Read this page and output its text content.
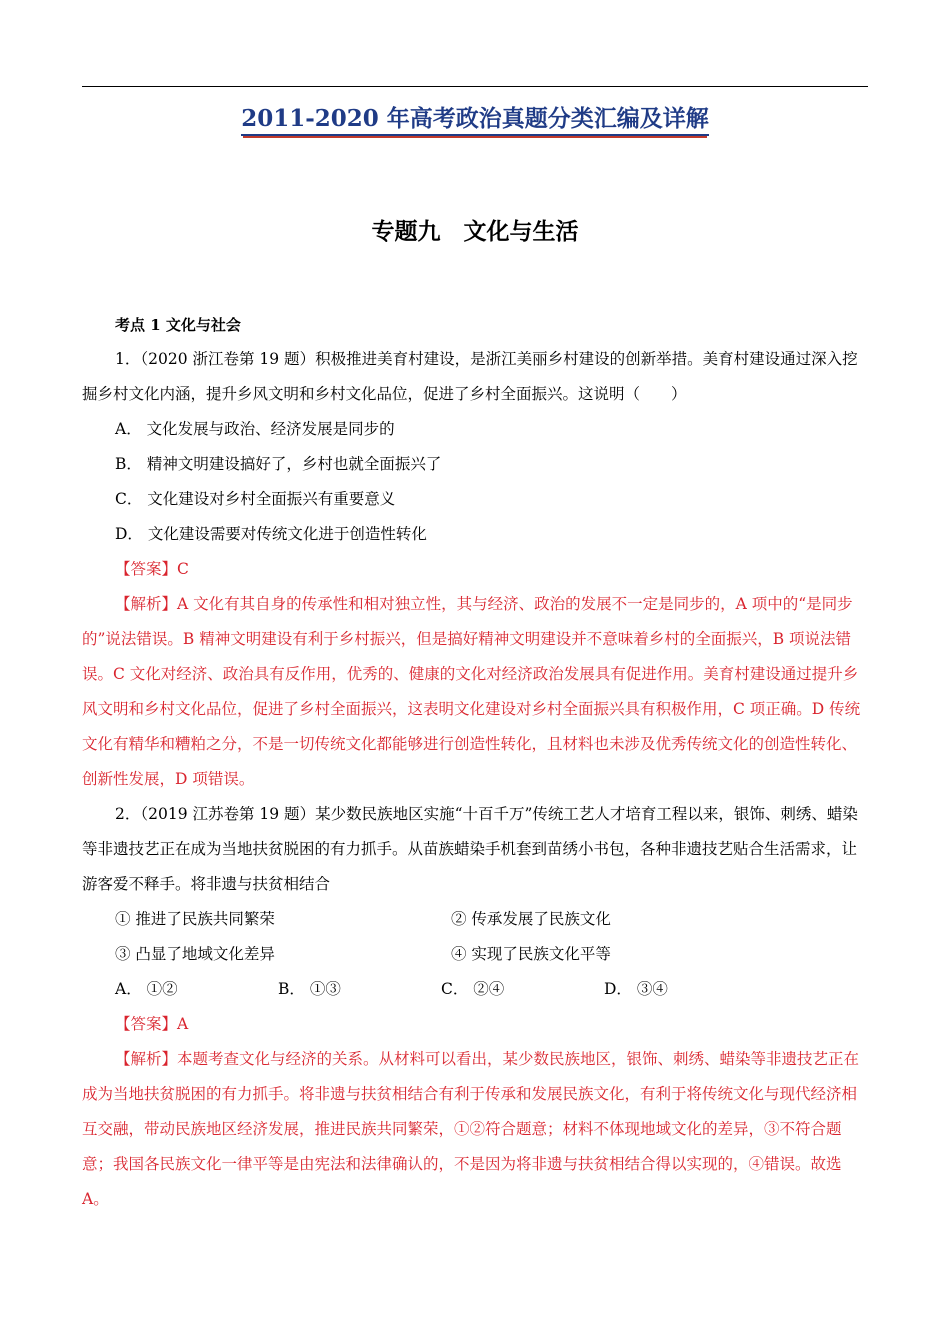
2011-2020 年高考政治真题分类汇编及详解
专题九　文化与生活
考点 1 文化与社会

1．（2020 浙江卷第 19 题）积极推进美育村建设，是浙江美丽乡村建设的创新举措。美育村建设通过深入挖掘乡村文化内涵，提升乡风文明和乡村文化品位，促进了乡村全面振兴。这说明（　　）

A． 文化发展与政治、经济发展是同步的

B． 精神文明建设搞好了，乡村也就全面振兴了

C． 文化建设对乡村全面振兴有重要意义

D． 文化建设需要对传统文化进于创造性转化

【答案】C

【解析】A 文化有其自身的传承性和相对独立性，其与经济、政治的发展不一定是同步的，A 项中的“是同步的”说法错误。B 精神文明建设有利于乡村振兴，但是搞好精神文明建设并不意味着乡村的全面振兴，B 项说法错误。C 文化对经济、政治具有反作用，优秀的、健康的文化对经济政治发展具有促进作用。美育村建设通过提升乡风文明和乡村文化品位，促进了乡村全面振兴，这表明文化建设对乡村全面振兴具有积极作用，C 项正确。D 传统文化有精华和糟粕之分，不是一切传统文化都能够进行创造性转化，且材料也未涉及优秀传统文化的创造性转化、创新性发展，D 项错误。

2．（2019 江苏卷第 19 题）某少数民族地区实施“十百千万”传统工艺人才培育工程以来，银饰、刺绣、蜡染等非遗技艺正在成为当地扶贫脱困的有力抓手。从苗族蜡染手机套到苗绣小书包，各种非遗技艺贴合生活需求，让游客爱不释手。将非遗与扶贫相结合

① 推进了民族共同繁荣	② 传承发展了民族文化
③ 凸显了地域文化差异	④ 实现了民族文化平等
A． ①②	B． ①③	C． ②④	D． ③④

【答案】A

【解析】本题考查文化与经济的关系。从材料可以看出，某少数民族地区，银饰、刺绣、蜡染等非遗技艺正在成为当地扶贫脱困的有力抓手。将非遗与扶贫相结合有利于传承和发展民族文化，有利于将传统文化与现代经济相互交融，带动民族地区经济发展，推进民族共同繁荣，①②符合题意；材料不体现地域文化的差异，③不符合题意；我国各民族文化一律平等是由宪法和法律确认的，不是因为将非遗与扶贫相结合得以实现的，④错误。故选 A。
